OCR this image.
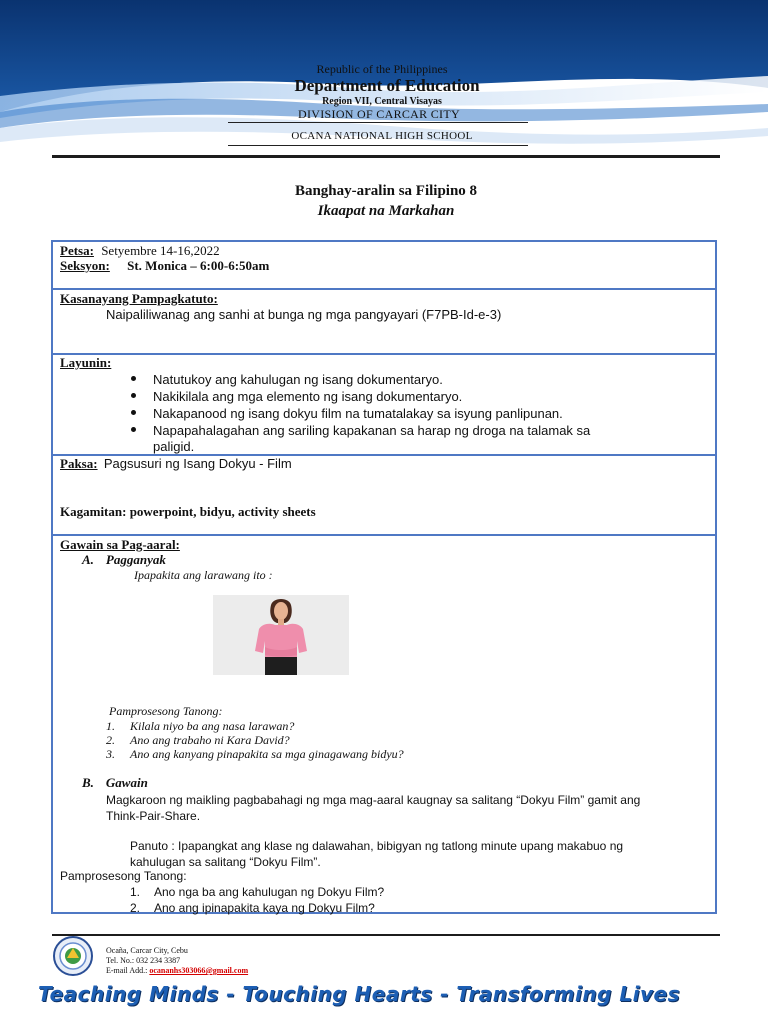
Republic of the Philippines
Department of Education
Region VII, Central Visayas
DIVISION OF CARCAR CITY
OCANA NATIONAL HIGH SCHOOL
Banghay-aralin sa Filipino 8
Ikaapat na Markahan
Petsa: Setyembre 14-16,2022
Seksyon: St. Monica – 6:00-6:50am
Kasanayang Pampagkatuto:
Naipaliliwanag ang sanhi at bunga ng mga pangyayari (F7PB-Id-e-3)
Layunin:
Natutukoy ang kahulugan ng isang dokumentaryo.
Nakikilala ang mga elemento ng isang dokumentaryo.
Nakapanood ng isang dokyu film na tumatalakay sa isyung panlipunan.
Napapahalagahan ang sariling kapakanan sa harap ng droga na talamak sa
paligid.
Paksa: Pagsusuri ng Isang Dokyu - Film
Kagamitan: powerpoint, bidyu, activity sheets
Gawain sa Pag-aaral:
A. Pagganyak
Ipapakita ang larawang ito :
Pamprosesong Tanong:
1. Kilala niyo ba ang nasa larawan?
2. Ano ang trabaho ni Kara David?
3. Ano ang kanyang pinapakita sa mga ginagawang bidyu?
B. Gawain
Magkaroon ng maikling pagbabahagi ng mga mag-aaral kaugnay sa salitang “Dokyu Film” gamit ang
Think-Pair-Share.
Panuto : Ipapangkat ang klase ng dalawahan, bibigyan ng tatlong minute upang makabuo ng
kahulugan sa salitang “Dokyu Film”.
Pamprosesong Tanong:
1. Ano nga ba ang kahulugan ng Dokyu Film?
2. Ano ang ipinapakita kaya ng Dokyu Film?
Ocaña, Carcar City, Cebu
Tel. No.: 032 234 3387
E-mail Add.: ocananhs303066@gmail.com
Teaching Minds - Touching Hearts - Transforming Lives
